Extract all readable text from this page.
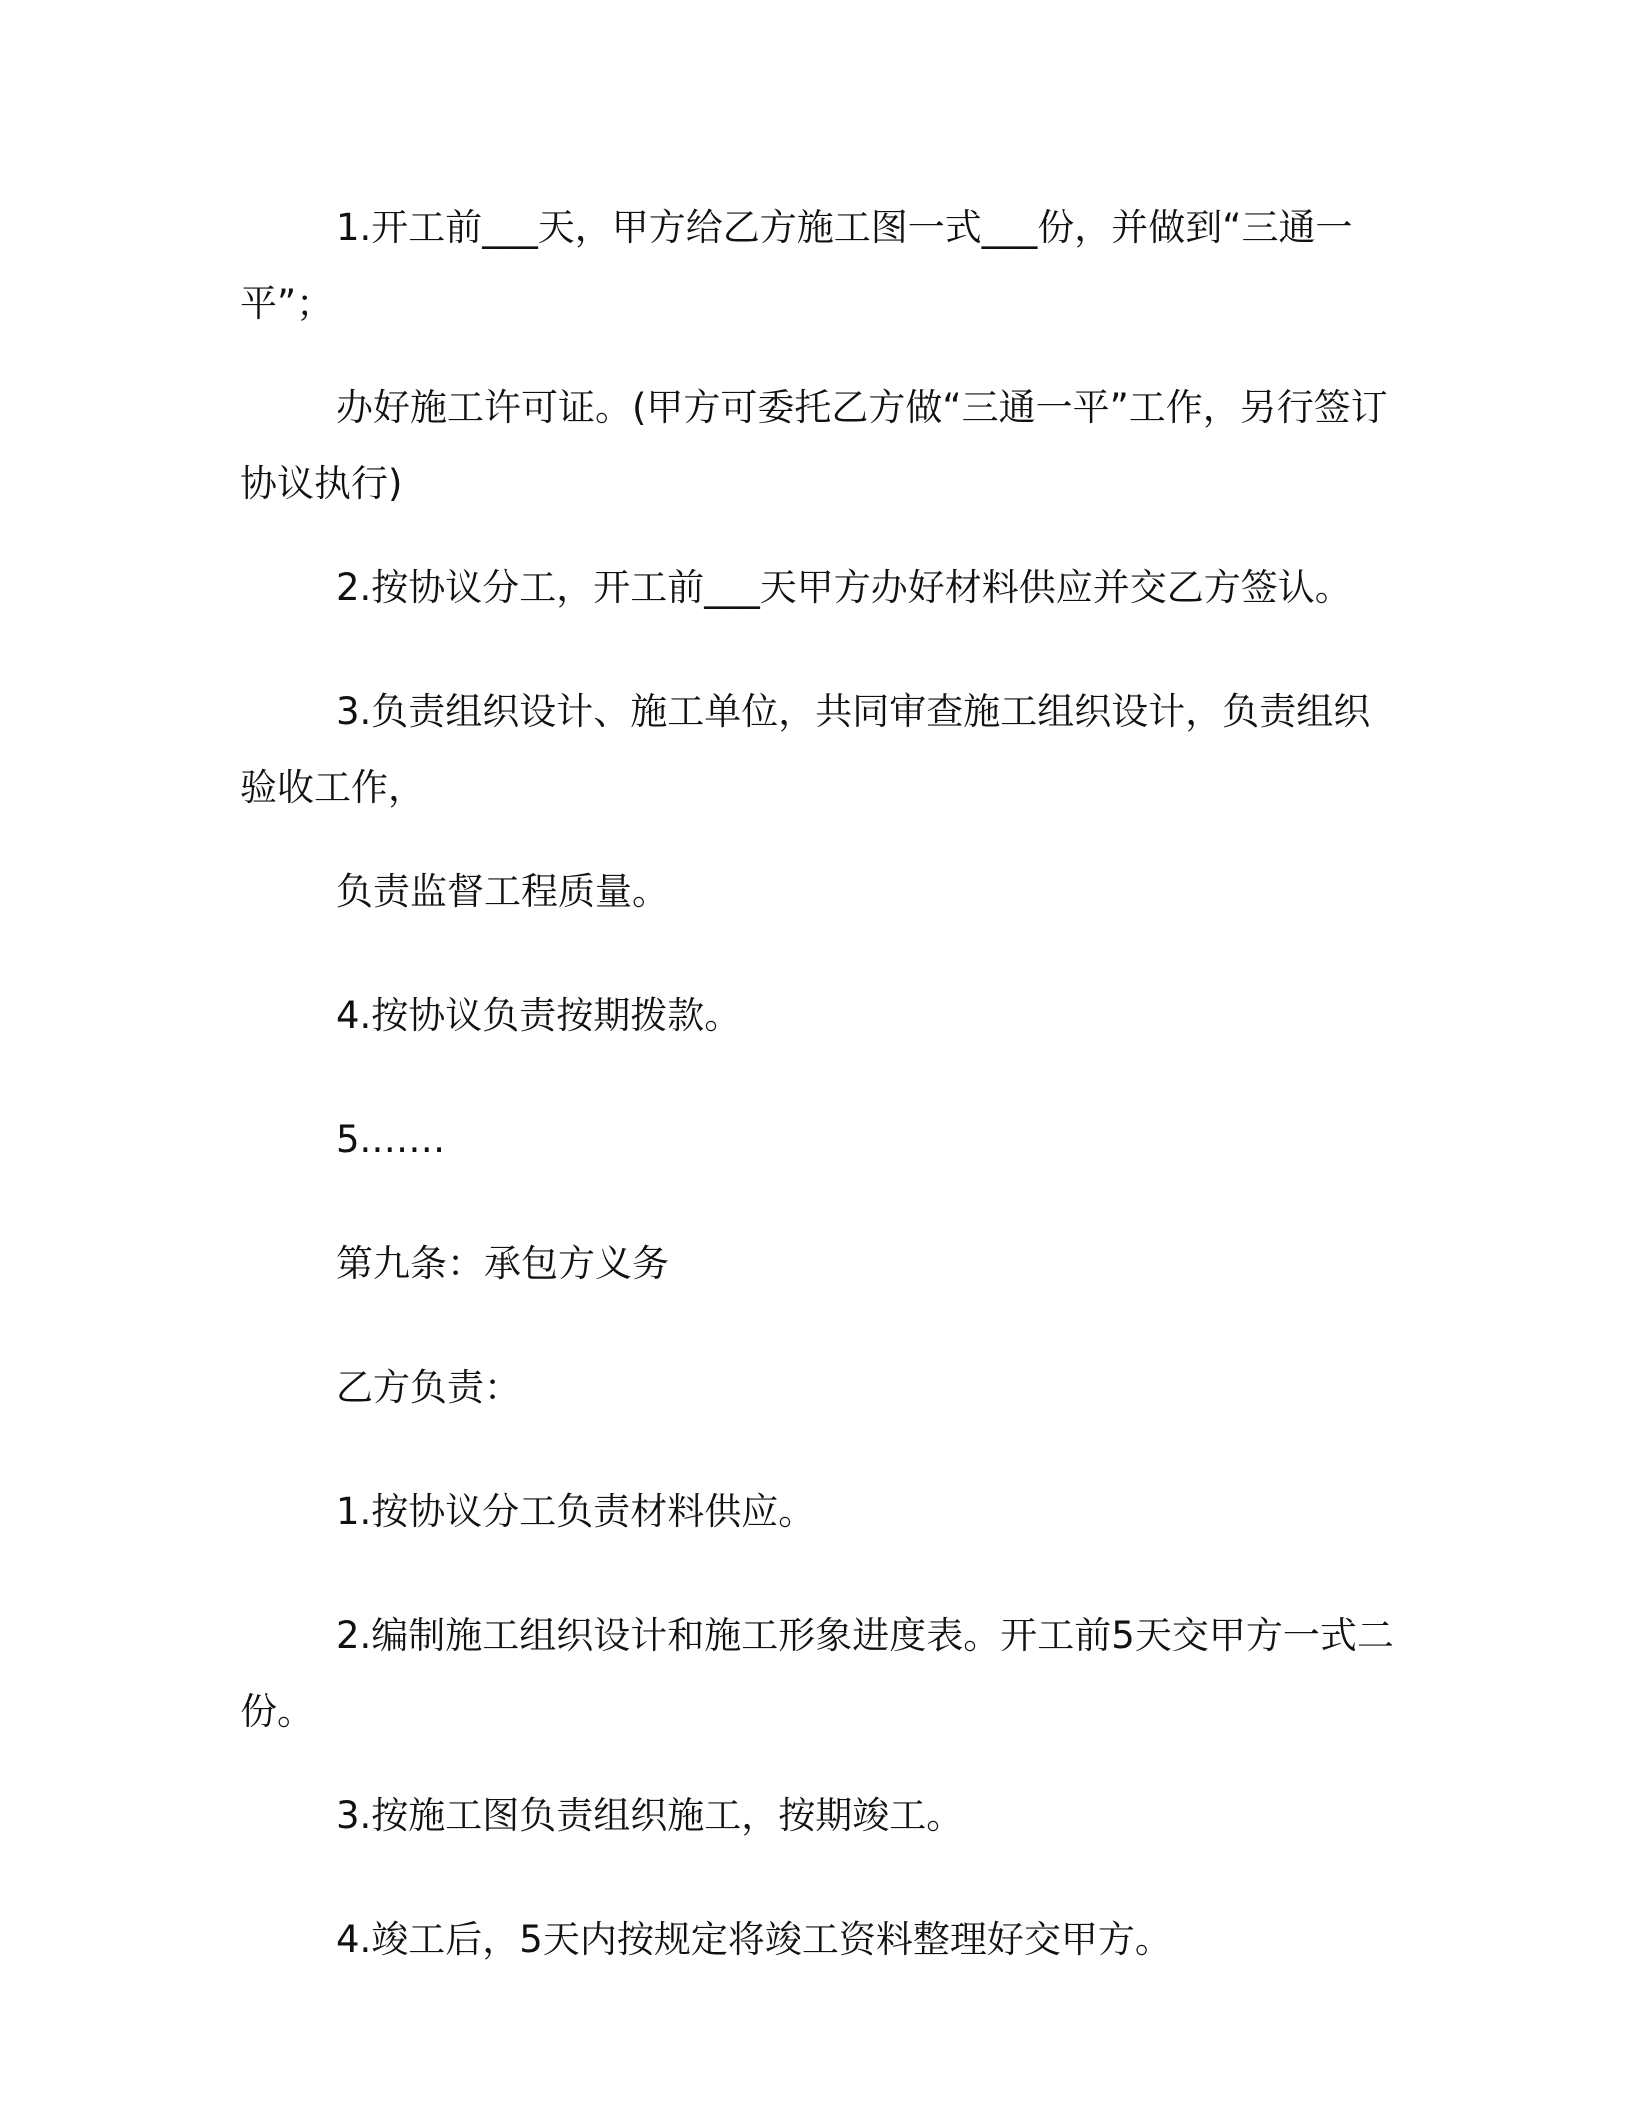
1.开工前___天，甲方给乙方施工图一式___份，并做到“三通一平”；

办好施工许可证。(甲方可委托乙方做“三通一平”工作，另行签订协议执行)

2.按协议分工，开工前___天甲方办好材料供应并交乙方签认。

3.负责组织设计、施工单位，共同审查施工组织设计，负责组织验收工作，

负责监督工程质量。

4.按协议负责按期拨款。

5.……

第九条：承包方义务

乙方负责：

1.按协议分工负责材料供应。

2.编制施工组织设计和施工形象进度表。开工前5天交甲方一式二份。

3.按施工图负责组织施工，按期竣工。

4.竣工后，5天内按规定将竣工资料整理好交甲方。
